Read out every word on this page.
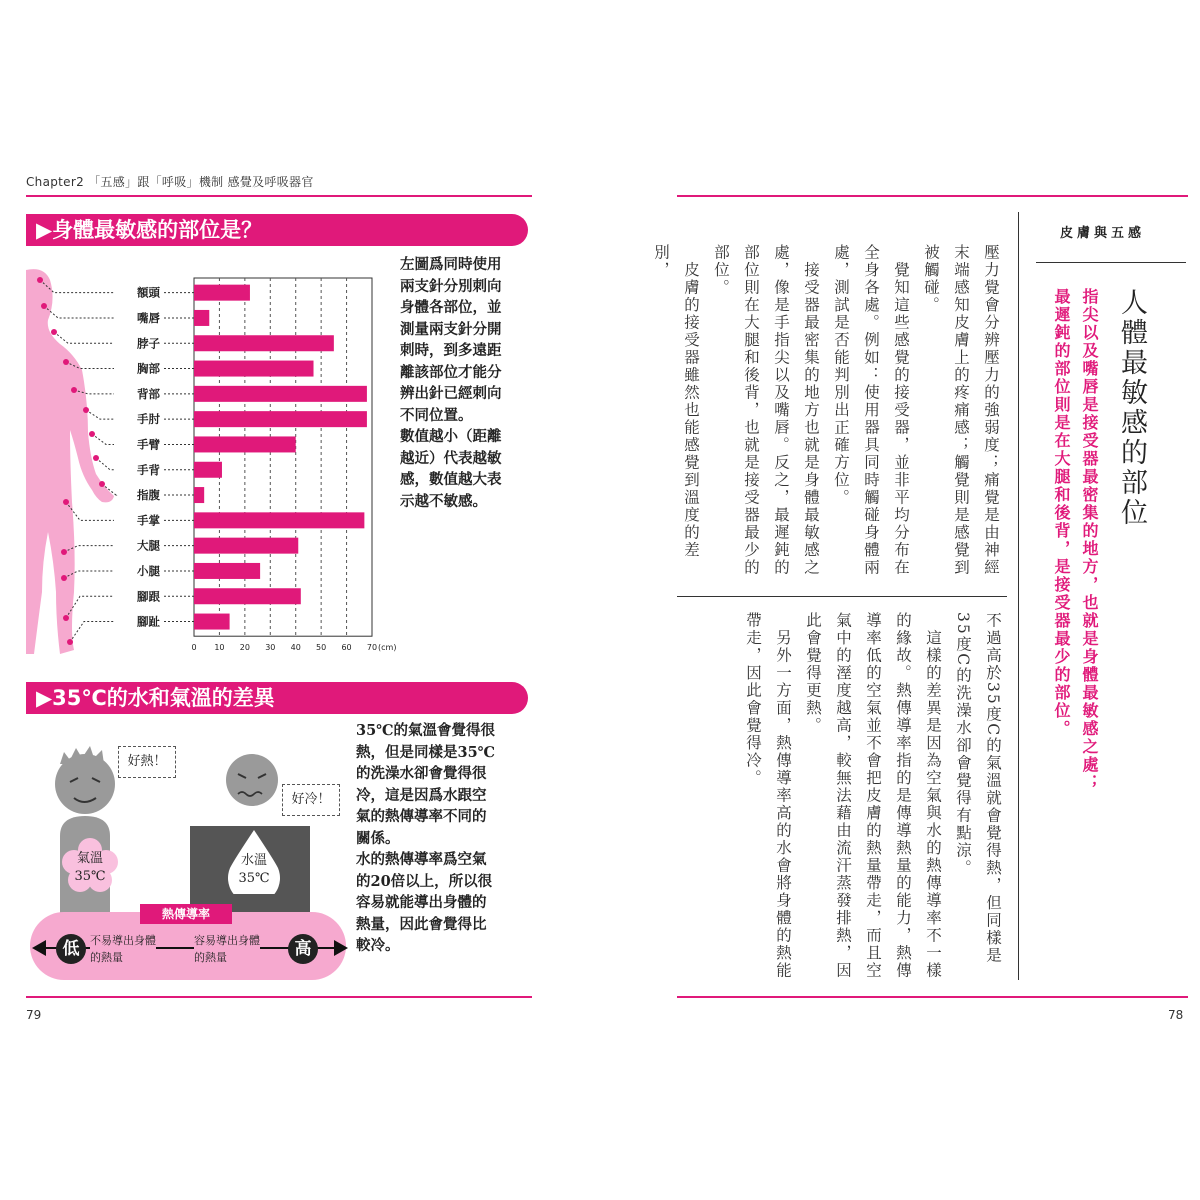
Chapter2 「五感」跟「呼吸」機制 感覺及呼吸器官
▶身體最敏感的部位是？
0 10 20 30 40 50 60 70 (cm)
額頭
嘴唇
脖子
胸部
背部
手肘
手臂
手背
指腹
手掌
大腿
小腿
腳跟
腳趾
左圖爲同時使用
兩支針分別刺向
身體各部位，並
測量兩支針分開
刺時，到多遠距
離該部位才能分
辨出針已經刺向
不同位置。
數值越小（距離
越近）代表越敏
感，數值越大表
示越不敏感。
▶35℃的水和氣溫的差異
氣溫
35℃
好熱！
水溫
35℃
好冷！
熱傳導率
低	高
不易導出身體
的熱量
容易導出身體
的熱量
35℃的氣溫會覺得很
熱，但是同樣是35℃
的洗澡水卻會覺得很
冷，這是因爲水跟空
氣的熱傳導率不同的
關係。
水的熱傳導率爲空氣
的20倍以上，所以很
容易就能導出身體的
熱量，因此會覺得比
較冷。
79
皮膚與五感
人體最敏感的部位
指尖以及嘴唇是接受器最密集的地方，也就是身體最敏感之處；
最遲鈍的部位則是在大腿和後背，是接受器最少的部位。
壓力覺會分辨壓力的強弱度；痛覺是由神經末端感知皮膚上的疼痛感；觸覺則是感覺到被觸碰。
　覺知這些感覺的接受器，並非平均分布在全身各處。例如：使用器具同時觸碰身體兩處，測試是否能判別出正確方位。
　接受器最密集的地方也就是身體最敏感之處，像是手指尖以及嘴唇。反之，最遲鈍的部位則在大腿和後背，也就是接受器最少的部位。
　皮膚的接受器雖然也能感覺到溫度的差別，
不過高於35度C的氣溫就會覺得熱，但同樣是35度C的洗澡水卻會覺得有點涼。
　這樣的差異是因為空氣與水的熱傳導率不一樣的緣故。熱傳導率指的是傳導熱量的能力，熱傳導率低的空氣並不會把皮膚的熱量帶走，而且空氣中的溼度越高，較無法藉由流汗蒸發排熱，因此會覺得更熱。
　另外一方面，熱傳導率高的水會將身體的熱能帶走，因此會覺得冷。
78
